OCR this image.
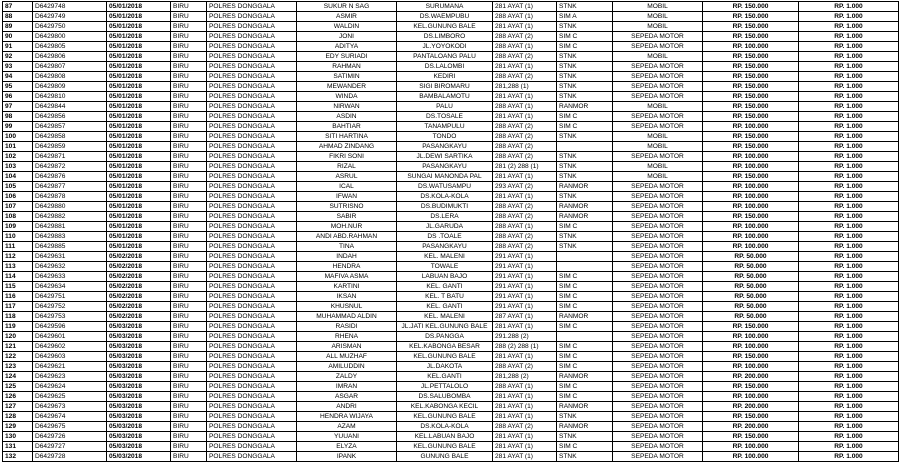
87	D6429748	05/01/2018	BIRU	POLRES DONGGALA	SUKUR N SAG	SURUMANA	281 AYAT (1)	STNK	MOBIL	RP. 150.000	RP. 1.000
88	D6429749	05/01/2018	BIRU	POLRES DONGGALA	ASMIR	DS.WAEMPUBU	288 AYAT (1)	SIM A	MOBIL	RP. 150.000	RP. 1.000
89	D6429750	05/01/2018	BIRU	POLRES DONGGALA	WALDIN	KEL.GUNUNG BALE	281 AYAT (1)	STNK	MOBIL	RP. 150.000	RP. 1.000
90	D6429800	05/01/2018	BIRU	POLRES DONGGALA	JONI	DS.LIMBORO	288 AYAT (2)	SIM C	SEPEDA MOTOR	RP. 150.000	RP. 1.000
91	D6429805	05/01/2018	BIRU	POLRES DONGGALA	ADITYA	JL.YOYOKODI	288 AYAT (1)	SIM C	SEPEDA MOTOR	RP. 100.000	RP. 1.000
92	D6429806	05/01/2018	BIRU	POLRES DONGGALA	EDY SURIADI	PANTALOANG PALU	288 AYAT (2)	STNK	MOBIL	RP. 150.000	RP. 1.000
93	D6429807	05/01/2018	BIRU	POLRES DONGGALA	RAHMAN	DS.LALOMBI	281 AYAT (1)	STNK	SEPEDA MOTOR	RP. 150.000	RP. 1.000
94	D6429808	05/01/2018	BIRU	POLRES DONGGALA	SATIMIN	KEDIRI	288 AYAT (2)	STNK	SEPEDA MOTOR	RP. 150.000	RP. 1.000
95	D6429809	05/01/2018	BIRU	POLRES DONGGALA	MEWANDER	SIGI BIROMARU	281,288 (1)	STNK	SEPEDA MOTOR	RP. 150.000	RP. 1.000
96	D6429810	05/01/2018	BIRU	POLRES DONGGALA	WINDA	BAMBALAMOTU	281 AYAT (1)	STNK	SEPEDA MOTOR	RP. 150.000	RP. 1.000
97	D6429844	05/01/2018	BIRU	POLRES DONGGALA	NIRWAN	PALU	288 AYAT (1)	RANMOR	MOBIL	RP. 150.000	RP. 1.000
98	D6429856	05/01/2018	BIRU	POLRES DONGGALA	ASDIN	DS.TOSALE	281 AYAT (1)	SIM C	SEPEDA MOTOR	RP. 150.000	RP. 1.000
99	D6429857	05/01/2018	BIRU	POLRES DONGGALA	BAHTIAR	TANAMPULU	288 AYAT (2)	SIM C	SEPEDA MOTOR	RP. 100.000	RP. 1.000
100	D6429858	05/01/2018	BIRU	POLRES DONGGALA	SITI HARTINA	TONDO	288 AYAT (2)	STNK	MOBIL	RP. 150.000	RP. 1.000
101	D6429859	05/01/2018	BIRU	POLRES DONGGALA	AHMAD ZINDANG	PASANGKAYU	288 AYAT (2)		MOBIL	RP. 150.000	RP. 1.000
102	D6429871	05/01/2018	BIRU	POLRES DONGGALA	FIKRI SONI	JL.DEWI SARTIKA	288 AYAT (2)	STNK	SEPEDA MOTOR	RP. 100.000	RP. 1.000
103	D6429872	05/01/2018	BIRU	POLRES DONGGALA	RIZAL	PASANGKAYU	281 (2) 288 (1)	STNK	MOBIL	RP. 100.000	RP. 1.000
104	D6429876	05/01/2018	BIRU	POLRES DONGGALA	ASRUL	SUNGAI MANONDA PAL	281 AYAT (1)	STNK	MOBIL	RP. 150.000	RP. 1.000
105	D6429877	05/01/2018	BIRU	POLRES DONGGALA	ICAL	DS.WATUSAMPU	293 AYAT (2)	RANMOR	SEPEDA MOTOR	RP. 100.000	RP. 1.000
106	D6429878	05/01/2018	BIRU	POLRES DONGGALA	IFWAN	DS.KOLA-KOLA	281 AYAT (1)	STNK	SEPEDA MOTOR	RP. 100.000	RP. 1.000
107	D6429880	05/01/2018	BIRU	POLRES DONGGALA	SUTRISNO	DS.BUDIMUKTI	288 AYAT (2)	RANMOR	SEPEDA MOTOR	RP. 100.000	RP. 1.000
108	D6429882	05/01/2018	BIRU	POLRES DONGGALA	SABIR	DS.LERA	288 AYAT (2)	RANMOR	SEPEDA MOTOR	RP. 150.000	RP. 1.000
109	D6429881	05/01/2018	BIRU	POLRES DONGGALA	MOH.NUR	JL.GARUDA	288 AYAT (1)	SIM C	SEPEDA MOTOR	RP. 100.000	RP. 1.000
110	D6429883	05/01/2018	BIRU	POLRES DONGGALA	ANDI ABD.RAHMAN	DS .TOALE	288 AYAT (2)	STNK	SEPEDA MOTOR	RP. 100.000	RP. 1.000
111	D6429885	05/01/2018	BIRU	POLRES DONGGALA	TINA	PASANGKAYU	288 AYAT (2)	STNK	SEPEDA MOTOR	RP. 100.000	RP. 1.000
112	D6429631	05/02/2018	BIRU	POLRES DONGGALA	INDAH	KEL. MALENI	291 AYAT (1)		SEPEDA MOTOR	RP. 50.000	RP. 1.000
113	D6429632	05/02/2018	BIRU	POLRES DONGGALA	HENDRA	TOWALE	291 AYAT (1)		SEPEDA MOTOR	RP. 50.000	RP. 1.000
114	D6429633	05/02/2018	BIRU	POLRES DONGGALA	MAFIVA ASMA	LABUAN BAJO	291 AYAT (1)	SIM C	SEPEDA MOTOR	RP. 50.000	RP. 1.000
115	D6429634	05/02/2018	BIRU	POLRES DONGGALA	KARTINI	KEL. GANTI	291 AYAT (1)	SIM C	SEPEDA MOTOR	RP. 50.000	RP. 1.000
116	D6429751	05/02/2018	BIRU	POLRES DONGGALA	IKSAN	KEL. T BATU	291 AYAT (1)	SIM C	SEPEDA MOTOR	RP. 50.000	RP. 1.000
117	D6429752	05/02/2018	BIRU	POLRES DONGGALA	KHUSNUL	KEL. GANTI	291 AYAT (1)	SIM C	SEPEDA MOTOR	RP. 50.000	RP. 1.000
118	D6429753	05/02/2018	BIRU	POLRES DONGGALA	MUHAMMAD ALDIN	KEL. MALENI	287 AYAT (1)	RANMOR	SEPEDA MOTOR	RP. 50.000	RP. 1.000
119	D6429596	05/03/2018	BIRU	POLRES DONGGALA	RASIDI	JL.JATI KEL.GUNUNG BALE	281 AYAT (1)	SIM C	SEPEDA MOTOR	RP. 150.000	RP. 1.000
120	D6429601	05/03/2018	BIRU	POLRES DONGGALA	RHENA	DS.PANGGA	291.288 (2)		SEPEDA MOTOR	RP. 100.000	RP. 1.000
121	D6429602	05/03/2018	BIRU	POLRES DONGGALA	ARISMAN	KEL.KABONGA BESAR	288 (2) 288 (1)	SIM C	SEPEDA MOTOR	RP. 100.000	RP. 1.000
122	D6429603	05/03/2018	BIRU	POLRES DONGGALA	ALL MUZHAF	KEL.GUNUNG BALE	281 AYAT (1)	SIM C	SEPEDA MOTOR	RP. 150.000	RP. 1.000
123	D6429621	05/03/2018	BIRU	POLRES DONGGALA	AMILUDDIN	JL.DAKOTA	288 AYAT (2)	SIM C	SEPEDA MOTOR	RP. 100.000	RP. 1.000
124	D6429623	05/03/2018	BIRU	POLRES DONGGALA	ZALDY	KEL.GANTI	281,288 (2)	RANMOR	SEPEDA MOTOR	RP. 200.000	RP. 1.000
125	D6429624	05/03/2018	BIRU	POLRES DONGGALA	IMRAN	JL.PETTALOLO	288 AYAT (1)	SIM C	SEPEDA MOTOR	RP. 150.000	RP. 1.000
126	D6429625	05/03/2018	BIRU	POLRES DONGGALA	ASGAR	DS.SALUBOMBA	281 AYAT (1)	SIM C	SEPEDA MOTOR	RP. 100.000	RP. 1.000
127	D6429673	05/03/2018	BIRU	POLRES DONGGALA	ANDRI	KEL.KABONGA KECIL	281 AYAT (1)	RANMOR	SEPEDA MOTOR	RP. 200.000	RP. 1.000
128	D6429674	05/03/2018	BIRU	POLRES DONGGALA	HENDRA WIJAYA	KEL.GUNUNG BALE	281 AYAT (1)	STNK	SEPEDA MOTOR	RP. 150.000	RP. 1.000
129	D6429675	05/03/2018	BIRU	POLRES DONGGALA	AZAM	DS.KOLA-KOLA	288 AYAT (2)	RANMOR	SEPEDA MOTOR	RP. 200.000	RP. 1.000
130	D6429726	05/03/2018	BIRU	POLRES DONGGALA	YUUANI	KEL.LABUAN BAJO	281 AYAT (1)	STNK	SEPEDA MOTOR	RP. 150.000	RP. 1.000
131	D6429727	05/03/2018	BIRU	POLRES DONGGALA	ELYZA	KEL.GUNUNG BALE	281 AYAT (1)	SIM C	SEPEDA MOTOR	RP. 100.000	RP. 1.000
132	D6429728	05/03/2018	BIRU	POLRES DONGGALA	IPANK	GUNUNG BALE	281 AYAT (1)	STNK	SEPEDA MOTOR	RP. 100.000	RP. 1.000
